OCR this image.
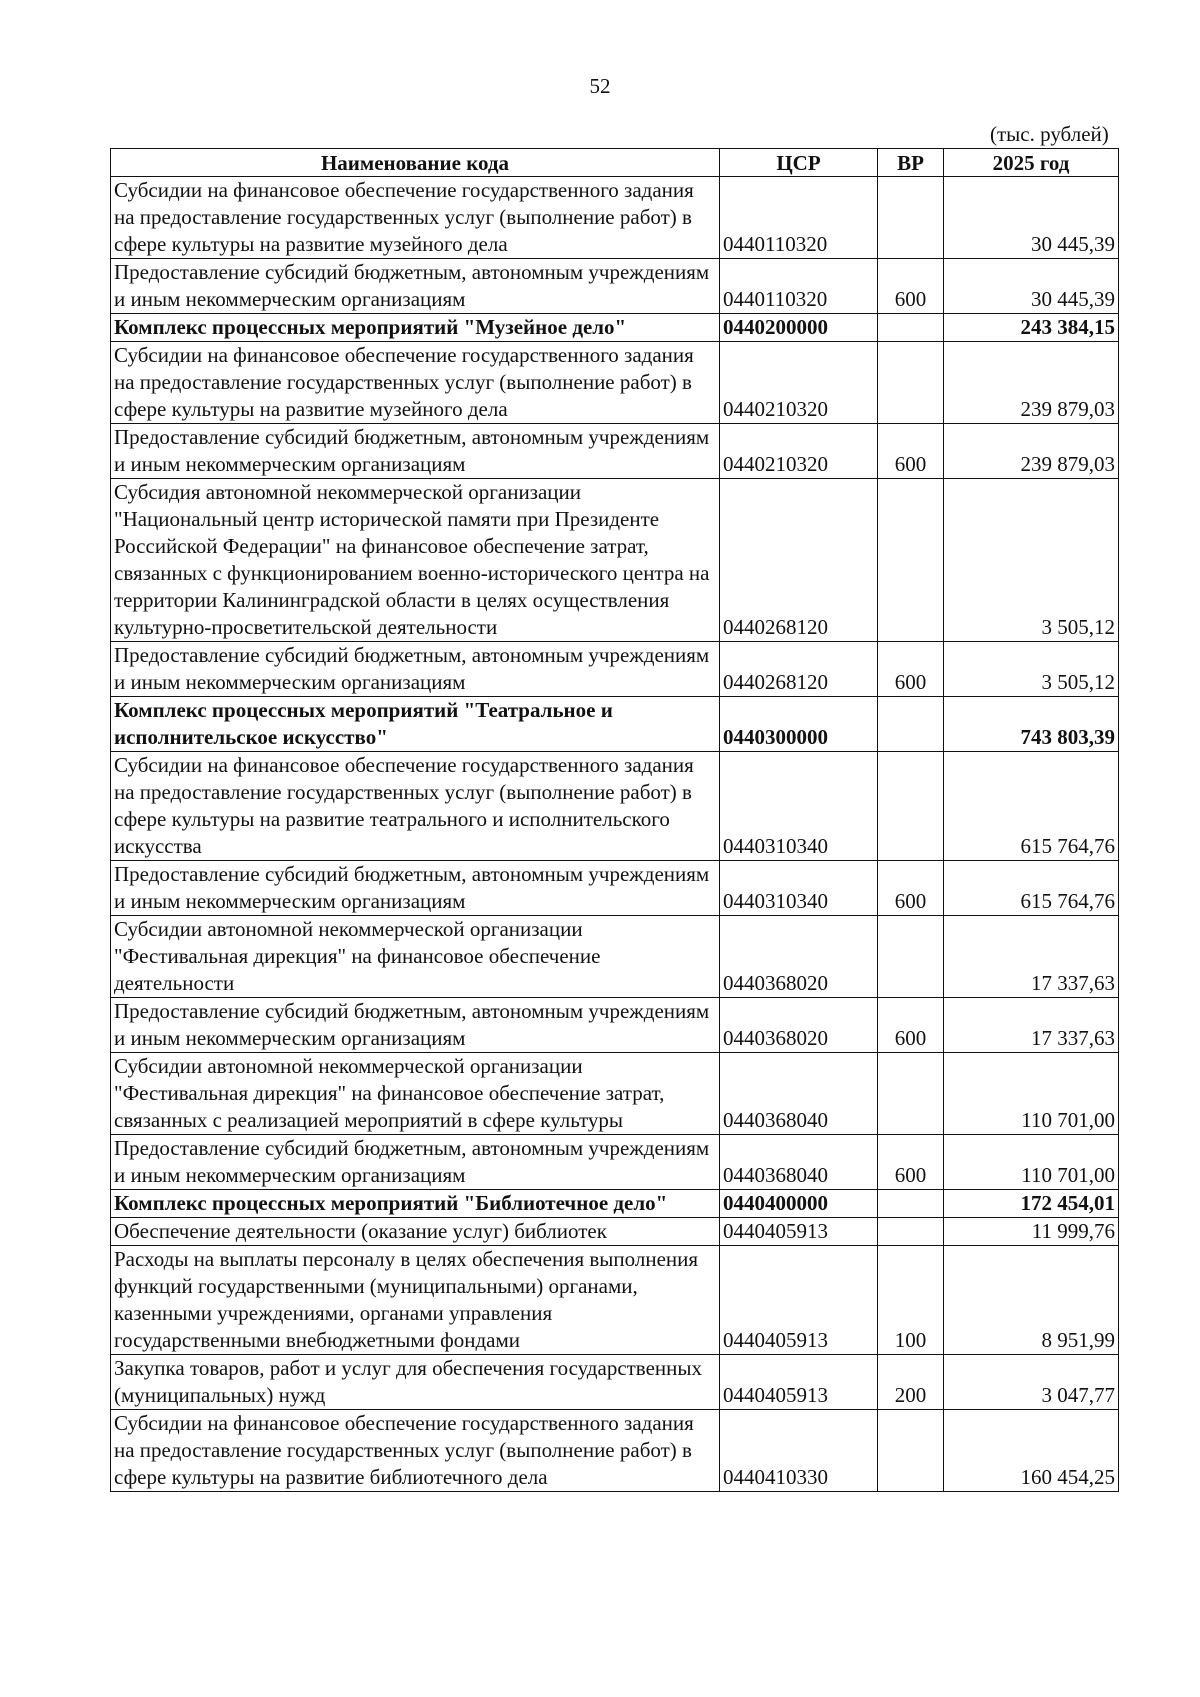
52
(тыс. рублей)
Наименование кода	ЦСР	ВР	2025 год
Субсидии на финансовое обеспечение государственного задания на предоставление государственных услуг (выполнение работ) в сфере культуры на развитие музейного дела	0440110320		30 445,39
Предоставление субсидий бюджетным, автономным учреждениям и иным некоммерческим организациям	0440110320	600	30 445,39
Комплекс процессных мероприятий "Музейное дело"	0440200000		243 384,15
Субсидии на финансовое обеспечение государственного задания на предоставление государственных услуг (выполнение работ) в сфере культуры на развитие музейного дела	0440210320		239 879,03
Предоставление субсидий бюджетным, автономным учреждениям и иным некоммерческим организациям	0440210320	600	239 879,03
Субсидия автономной некоммерческой организации "Национальный центр исторической памяти при Президенте Российской Федерации" на финансовое обеспечение затрат, связанных с функционированием военно-исторического центра на территории Калининградской области в целях осуществления культурно-просветительской деятельности	0440268120		3 505,12
Предоставление субсидий бюджетным, автономным учреждениям и иным некоммерческим организациям	0440268120	600	3 505,12
Комплекс процессных мероприятий "Театральное и исполнительское искусство"	0440300000		743 803,39
Субсидии на финансовое обеспечение государственного задания на предоставление государственных услуг (выполнение работ) в сфере культуры на развитие театрального и исполнительского искусства	0440310340		615 764,76
Предоставление субсидий бюджетным, автономным учреждениям и иным некоммерческим организациям	0440310340	600	615 764,76
Субсидии автономной некоммерческой организации "Фестивальная дирекция" на финансовое обеспечение деятельности	0440368020		17 337,63
Предоставление субсидий бюджетным, автономным учреждениям и иным некоммерческим организациям	0440368020	600	17 337,63
Субсидии автономной некоммерческой организации "Фестивальная дирекция" на финансовое обеспечение затрат, связанных с реализацией мероприятий в сфере культуры	0440368040		110 701,00
Предоставление субсидий бюджетным, автономным учреждениям и иным некоммерческим организациям	0440368040	600	110 701,00
Комплекс процессных мероприятий "Библиотечное дело"	0440400000		172 454,01
Обеспечение деятельности (оказание услуг) библиотек	0440405913		11 999,76
Расходы на выплаты персоналу в целях обеспечения выполнения функций государственными (муниципальными) органами, казенными учреждениями, органами управления государственными внебюджетными фондами	0440405913	100	8 951,99
Закупка товаров, работ и услуг для обеспечения государственных (муниципальных) нужд	0440405913	200	3 047,77
Субсидии на финансовое обеспечение государственного задания на предоставление государственных услуг (выполнение работ) в сфере культуры на развитие библиотечного дела	0440410330		160 454,25
